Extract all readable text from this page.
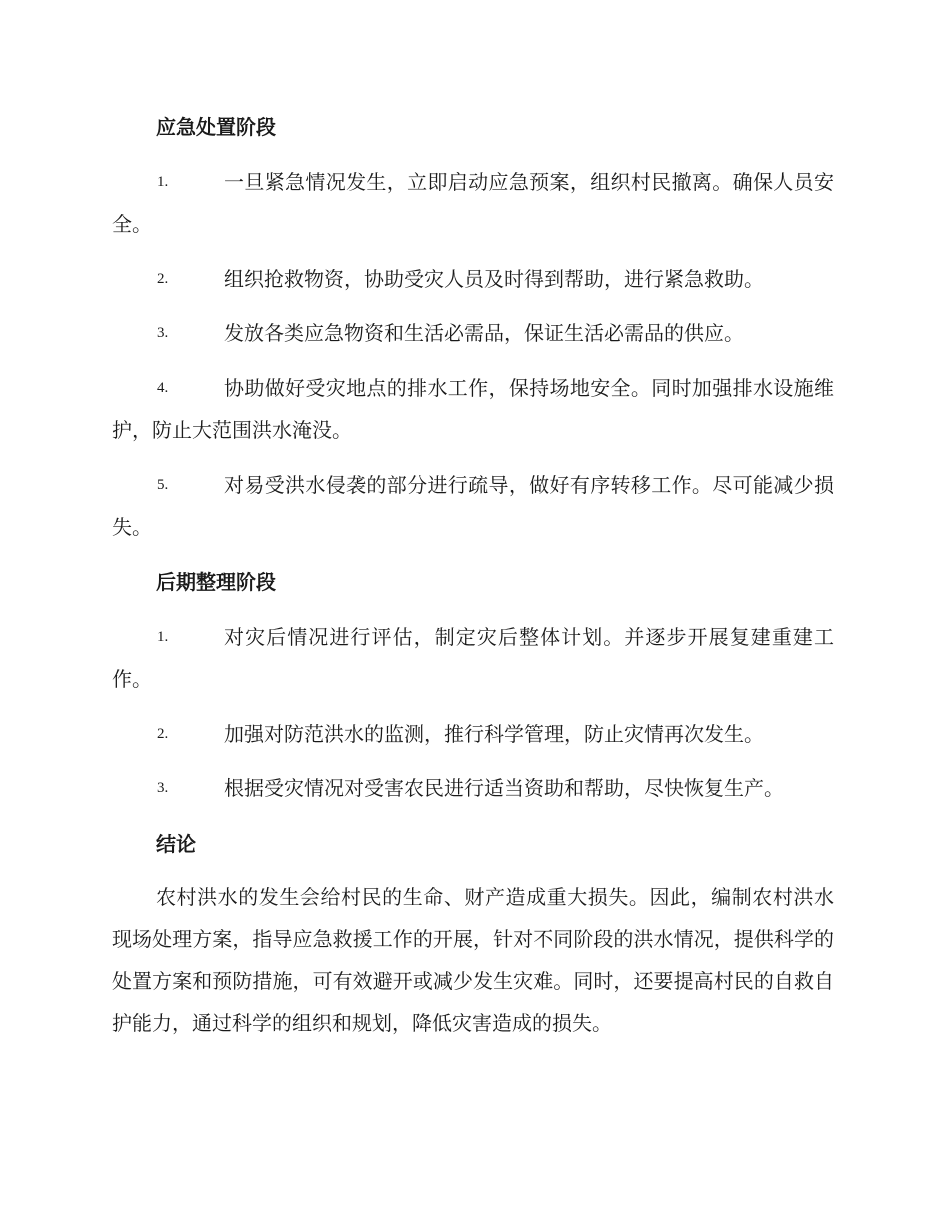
应急处置阶段
1.	一旦紧急情况发生，立即启动应急预案，组织村民撤离。确保人员安全。
2.	组织抢救物资，协助受灾人员及时得到帮助，进行紧急救助。
3.	发放各类应急物资和生活必需品，保证生活必需品的供应。
4.	协助做好受灾地点的排水工作，保持场地安全。同时加强排水设施维护，防止大范围洪水淹没。
5.	对易受洪水侵袭的部分进行疏导，做好有序转移工作。尽可能减少损失。
后期整理阶段
1.	对灾后情况进行评估，制定灾后整体计划。并逐步开展复建重建工作。
2.	加强对防范洪水的监测，推行科学管理，防止灾情再次发生。
3.	根据受灾情况对受害农民进行适当资助和帮助，尽快恢复生产。
结论
农村洪水的发生会给村民的生命、财产造成重大损失。因此，编制农村洪水现场处理方案，指导应急救援工作的开展，针对不同阶段的洪水情况，提供科学的处置方案和预防措施，可有效避开或减少发生灾难。同时，还要提高村民的自救自护能力，通过科学的组织和规划，降低灾害造成的损失。
